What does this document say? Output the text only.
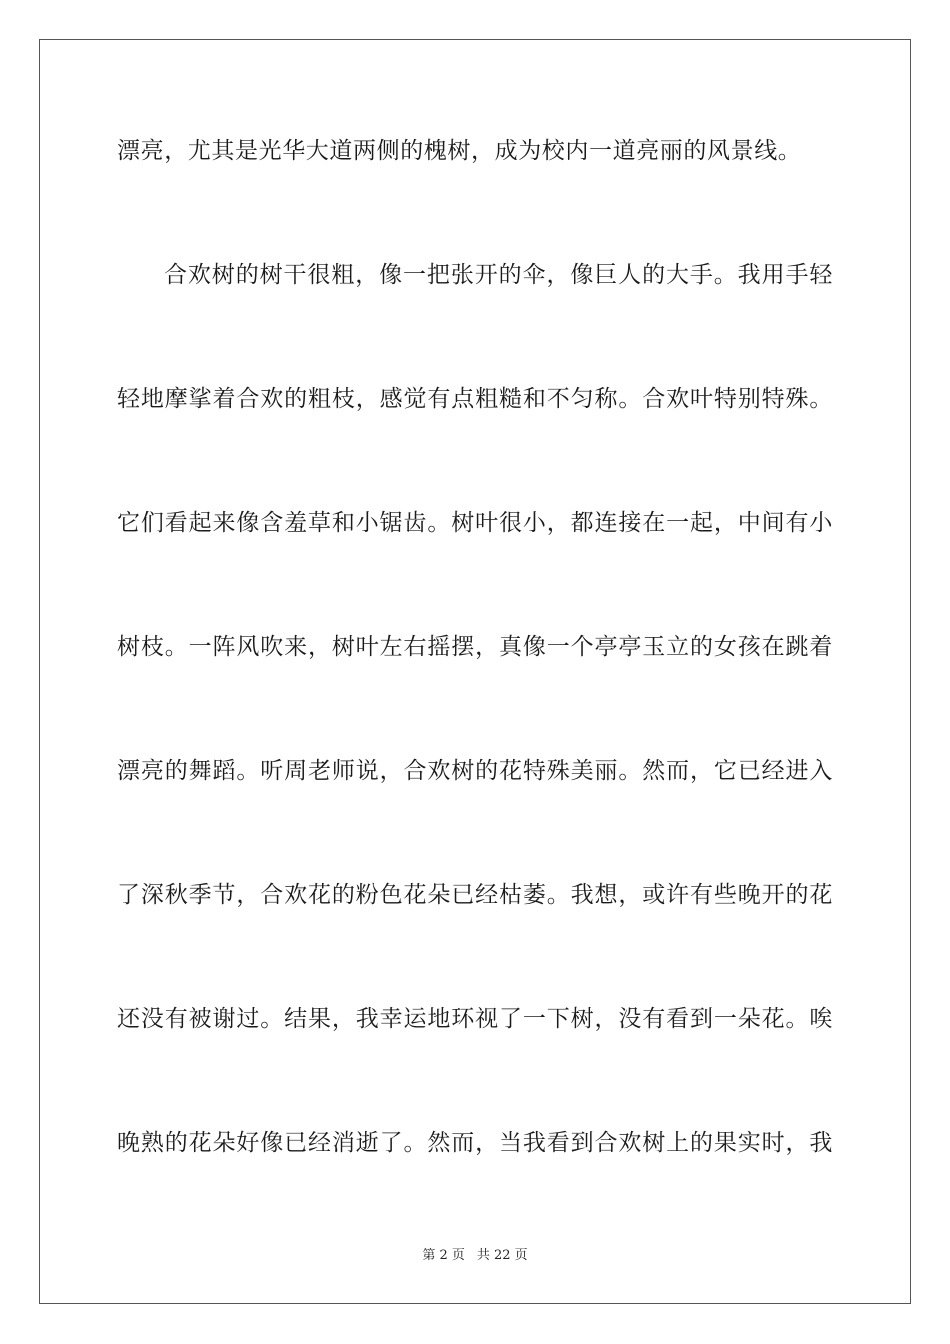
漂亮，尤其是光华大道两侧的槐树，成为校内一道亮丽的风景线。
合欢树的树干很粗，像一把张开的伞，像巨人的大手。我用手轻
轻地摩挲着合欢的粗枝，感觉有点粗糙和不匀称。合欢叶特别特殊。
它们看起来像含羞草和小锯齿。树叶很小，都连接在一起，中间有小
树枝。一阵风吹来，树叶左右摇摆，真像一个亭亭玉立的女孩在跳着
漂亮的舞蹈。听周老师说，合欢树的花特殊美丽。然而，它已经进入
了深秋季节，合欢花的粉色花朵已经枯萎。我想，或许有些晚开的花
还没有被谢过。结果，我幸运地环视了一下树，没有看到一朵花。唉
晚熟的花朵好像已经消逝了。然而，当我看到合欢树上的果实时，我
第 2 页 共 22 页
